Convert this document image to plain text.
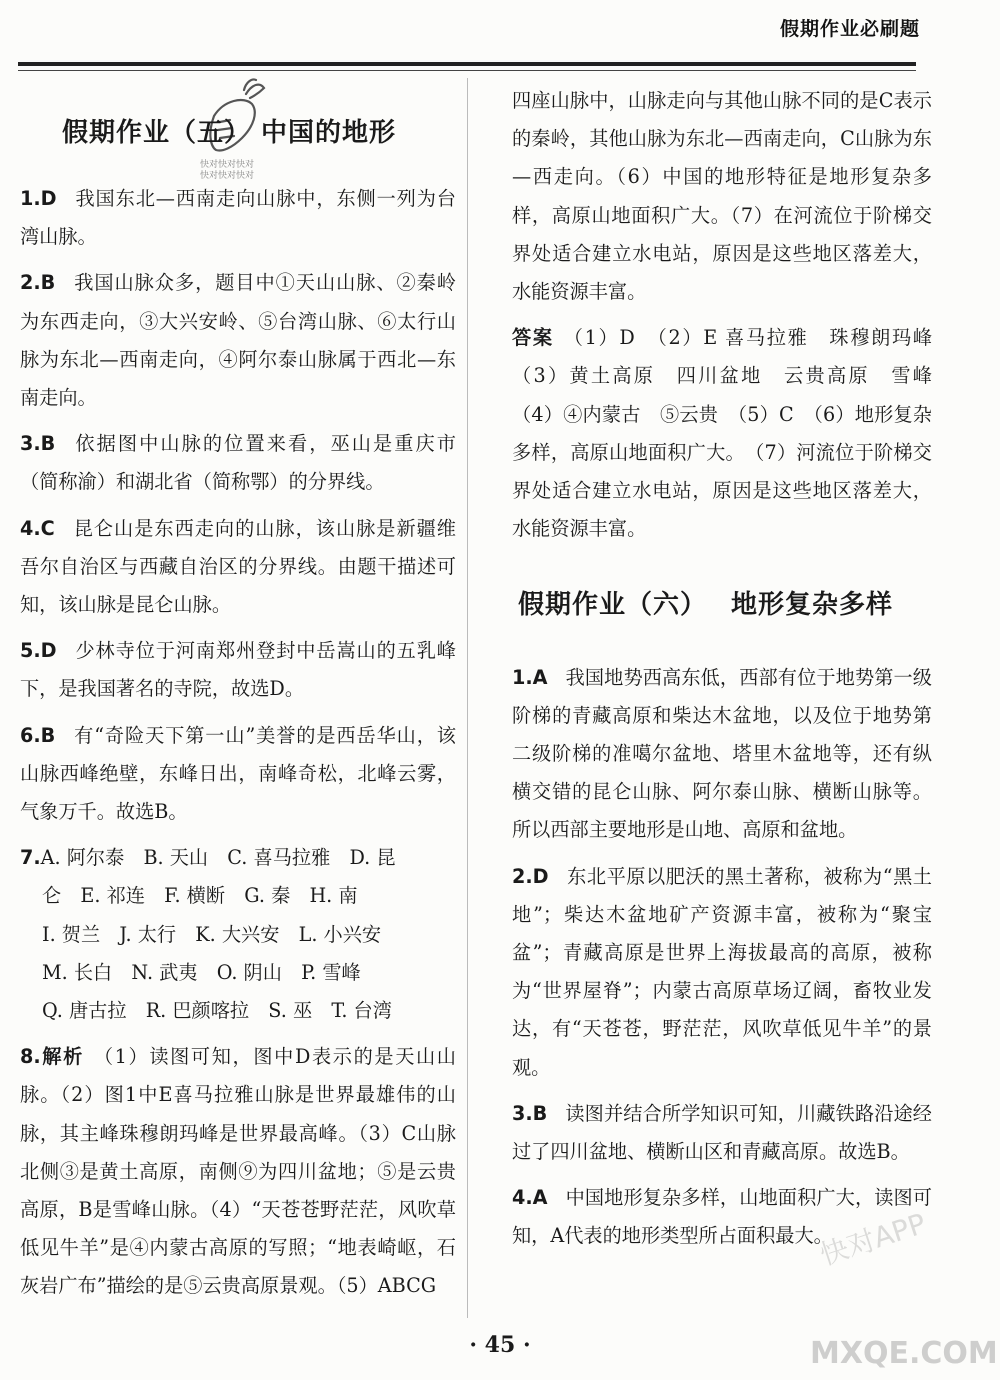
假期作业必刷题
快对快对快对
快对快对快对
假期作业（五） 中国的地形
1.D 我国东北—西南走向山脉中，东侧一列为台湾山脉。
2.B 我国山脉众多，题目中①天山山脉、②秦岭为东西走向，③大兴安岭、⑤台湾山脉、⑥太行山脉为东北—西南走向，④阿尔泰山脉属于西北—东南走向。
3.B 依据图中山脉的位置来看，巫山是重庆市（简称渝）和湖北省（简称鄂）的分界线。
4.C 昆仑山是东西走向的山脉，该山脉是新疆维吾尔自治区与西藏自治区的分界线。由题干描述可知，该山脉是昆仑山脉。
5.D 少林寺位于河南郑州登封中岳嵩山的五乳峰下，是我国著名的寺院，故选D。
6.B 有“奇险天下第一山”美誉的是西岳华山，该山脉西峰绝壁，东峰日出，南峰奇松，北峰云雾，气象万千。故选B。
7.A. 阿尔泰　B. 天山　C. 喜马拉雅　D. 昆
仑　E. 祁连　F. 横断　G. 秦　H. 南
I. 贺兰　J. 太行　K. 大兴安　L. 小兴安
M. 长白　N. 武夷　O. 阴山　P. 雪峰
Q. 唐古拉　R. 巴颜喀拉　S. 巫　T. 台湾
8.解析 （1）读图可知，图中D表示的是天山山脉。（2）图1中E喜马拉雅山脉是世界最雄伟的山脉，其主峰珠穆朗玛峰是世界最高峰。（3）C山脉北侧③是黄土高原，南侧⑨为四川盆地；⑤是云贵高原，B是雪峰山脉。（4）“天苍苍野茫茫，风吹草低见牛羊”是④内蒙古高原的写照；“地表崎岖，石灰岩广布”描绘的是⑤云贵高原景观。（5）ABCG
四座山脉中，山脉走向与其他山脉不同的是C表示的秦岭，其他山脉为东北—西南走向，C山脉为东—西走向。（6）中国的地形特征是地形复杂多样，高原山地面积广大。（7）在河流位于阶梯交界处适合建立水电站，原因是这些地区落差大，水能资源丰富。
答案 （1）D　（2）E 喜马拉雅　珠穆朗玛峰　（3）黄土高原　四川盆地　云贵高原　雪峰　（4）④内蒙古　⑤云贵　（5）C　（6）地形复杂多样，高原山地面积广大。　（7）河流位于阶梯交界处适合建立水电站，原因是这些地区落差大，水能资源丰富。
假期作业（六） 地形复杂多样
1.A 我国地势西高东低，西部有位于地势第一级阶梯的青藏高原和柴达木盆地，以及位于地势第二级阶梯的准噶尔盆地、塔里木盆地等，还有纵横交错的昆仑山脉、阿尔泰山脉、横断山脉等。所以西部主要地形是山地、高原和盆地。
2.D 东北平原以肥沃的黑土著称，被称为“黑土地”；柴达木盆地矿产资源丰富，被称为“聚宝盆”；青藏高原是世界上海拔最高的高原，被称为“世界屋脊”；内蒙古高原草场辽阔，畜牧业发达，有“天苍苍，野茫茫，风吹草低见牛羊”的景观。
3.B 读图并结合所学知识可知，川藏铁路沿途经过了四川盆地、横断山区和青藏高原。故选B。
4.A 中国地形复杂多样，山地面积广大，读图可知，A代表的地形类型所占面积最大。
· 45 ·
快对APP
MXQE.COM
